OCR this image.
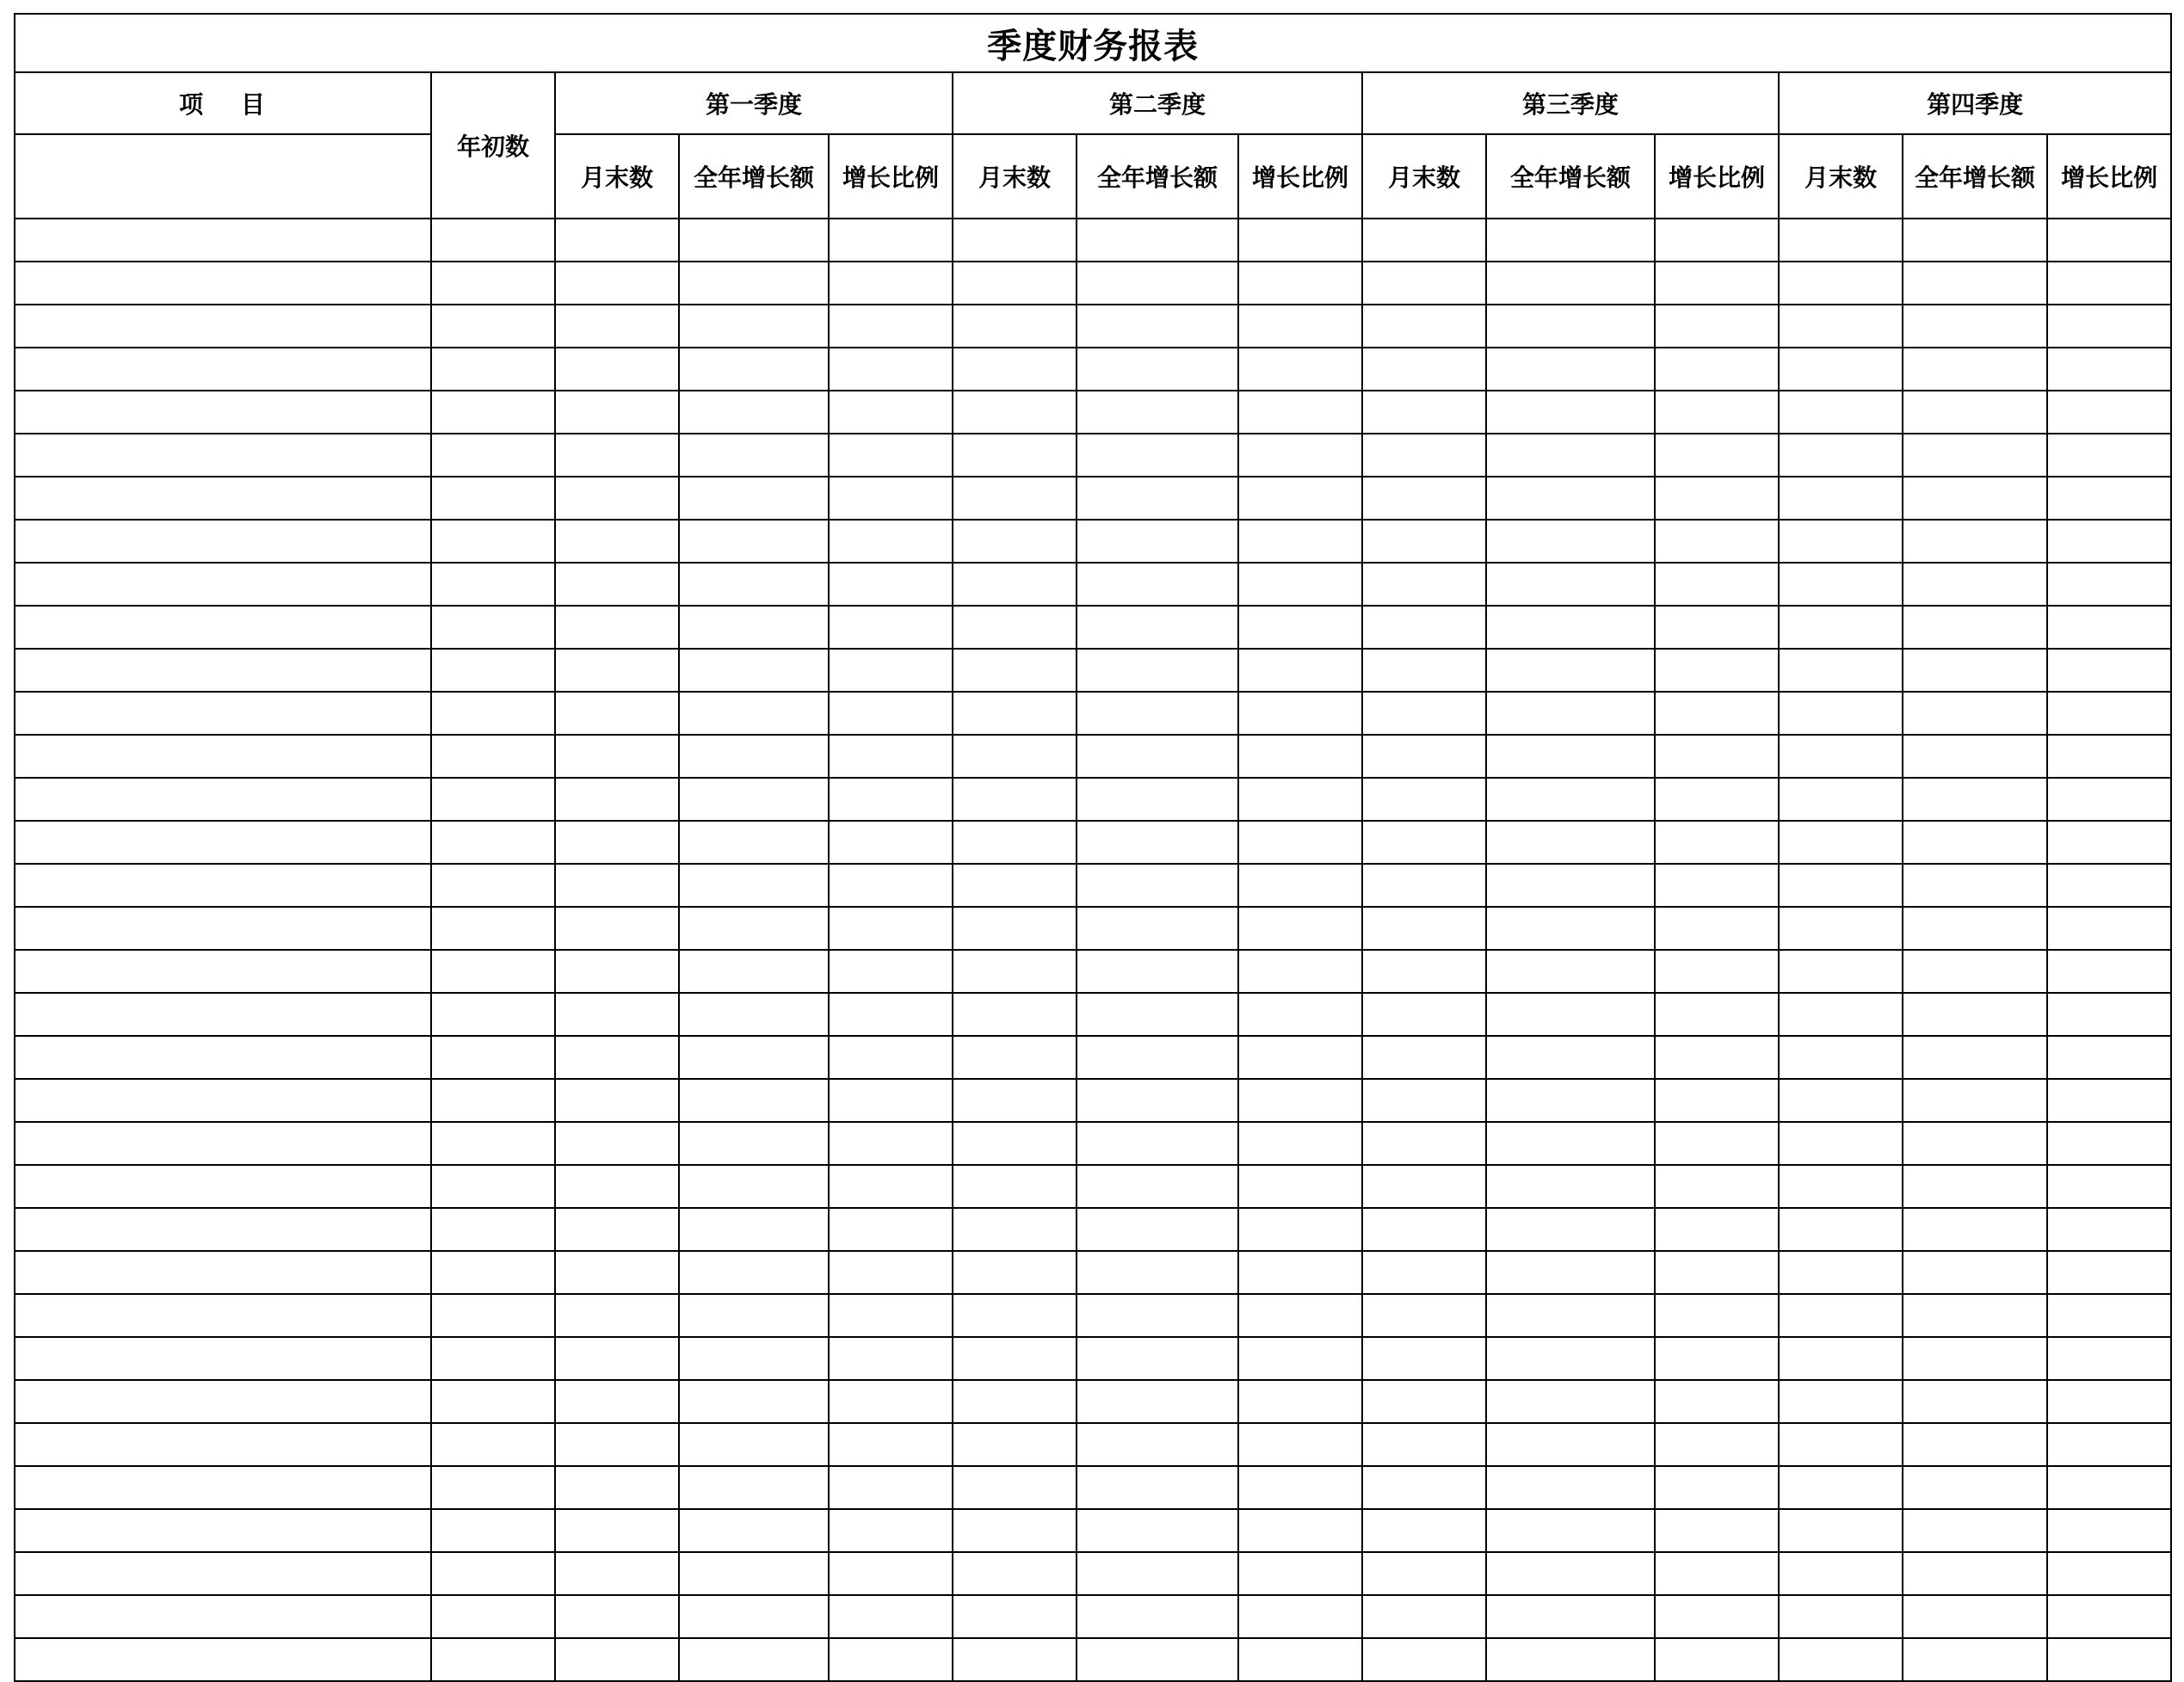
季度财务报表													
项　 目	年初数	第一季度			第二季度			第三季度			第四季度		
		月末数	全年增长额	增长比例	月末数	全年增长额	增长比例	月末数	全年增长额	增长比例	月末数	全年增长额	增长比例
